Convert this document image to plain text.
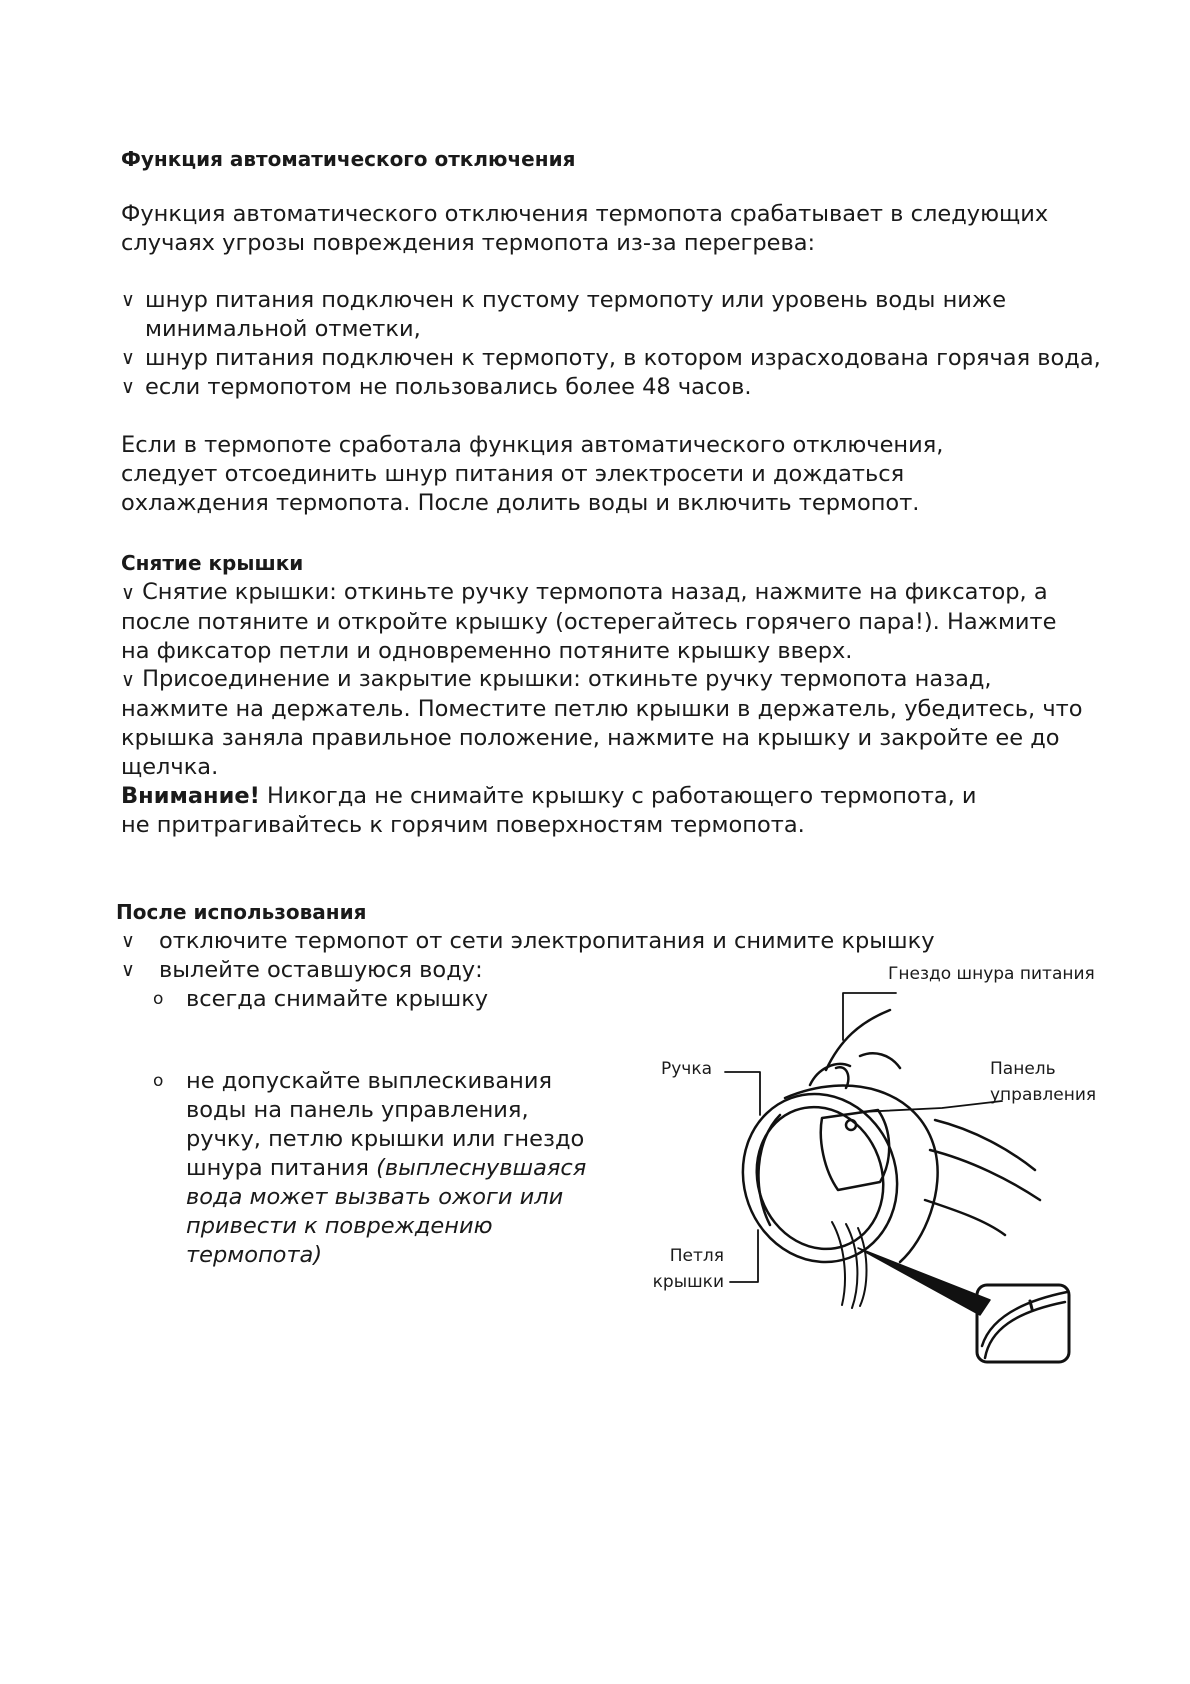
Функция автоматического отключения
Функция автоматического отключения термопота срабатывает в следующих случаях угрозы повреждения термопота из-за перегрева:
∨ шнур питания подключен к пустому термопоту или уровень воды ниже минимальной отметки,
∨ шнур питания подключен к термопоту, в котором израсходована горячая вода,
∨ если термопотом не пользовались более 48 часов.
Если в термопоте сработала функция автоматического отключения, следует отсоединить шнур питания от электросети и дождаться охлаждения термопота. После долить воды и включить термопот.
Снятие крышки
∨ Снятие крышки: откиньте ручку термопота назад, нажмите на фиксатор, а после потяните и откройте крышку (остерегайтесь горячего пара!). Нажмите на фиксатор петли и одновременно потяните крышку вверх.
∨ Присоединение и закрытие крышки: откиньте ручку термопота назад, нажмите на держатель. Поместите петлю крышки в держатель, убедитесь, что крышка заняла правильное положение, нажмите на крышку и закройте ее до щелчка.
Внимание! Никогда не снимайте крышку с работающего термопота, и не притрагивайтесь к горячим поверхностям термопота.
После использования
∨ отключите термопот от сети электропитания и снимите крышку
∨ вылейте оставшуюся воду:
o всегда снимайте крышку
o не допускайте выплескивания воды на панель управления, ручку, петлю крышки или гнездо шнура питания (выплеснувшаяся вода может вызвать ожоги или привести к повреждению термопота)
Гнездо шнура питания
Ручка	Панель управления
Петля крышки
